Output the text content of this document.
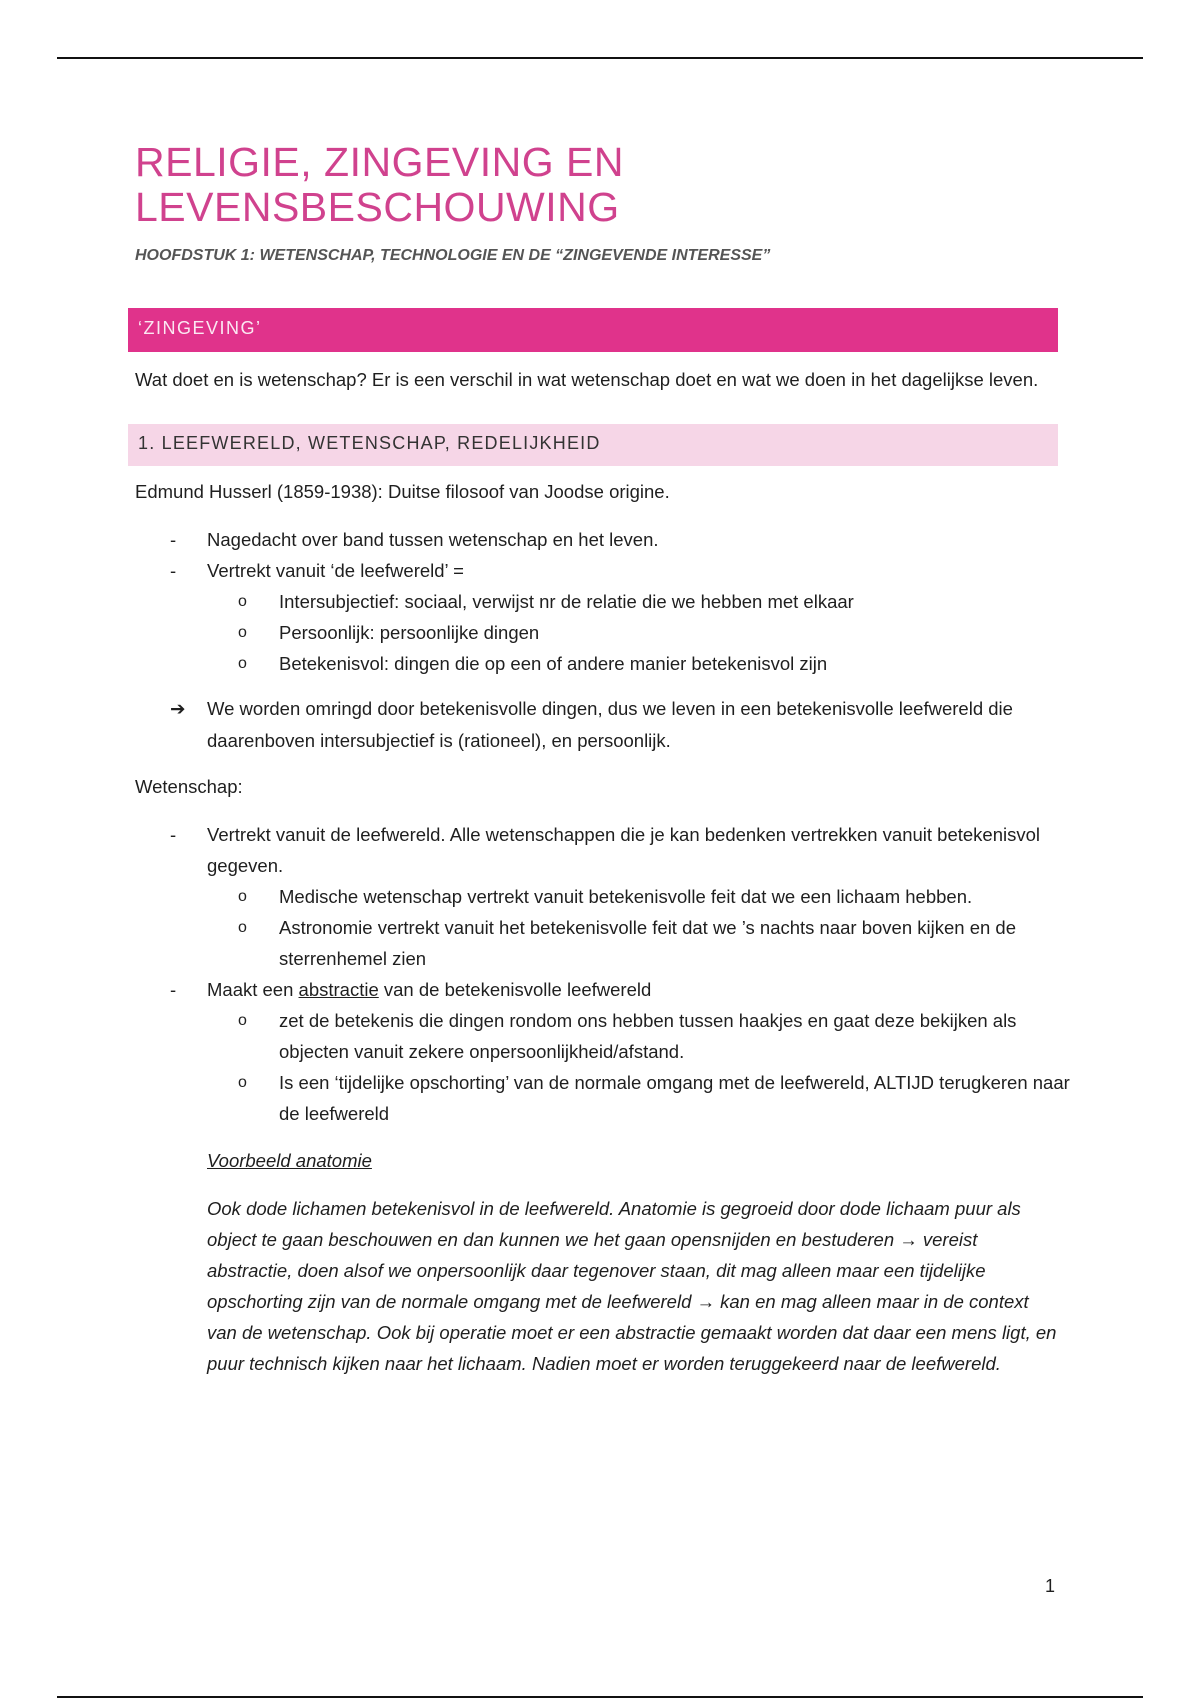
RELIGIE, ZINGEVING EN LEVENSBESCHOUWING
HOOFDSTUK 1: WETENSCHAP, TECHNOLOGIE EN DE “ZINGEVENDE INTERESSE”
‘ZINGEVING’

Wat doet en is wetenschap? Er is een verschil in wat wetenschap doet en wat we doen in het dagelijkse leven.

1. LEEFWERELD, WETENSCHAP, REDELIJKHEID

Edmund Husserl (1859-1938): Duitse filosoof van Joodse origine.

- Nagedacht over band tussen wetenschap en het leven.
- Vertrekt vanuit ‘de leefwereld’ =
o Intersubjectief: sociaal, verwijst nr de relatie die we hebben met elkaar
o Persoonlijk: persoonlijke dingen
o Betekenisvol: dingen die op een of andere manier betekenisvol zijn
➔ We worden omringd door betekenisvolle dingen, dus we leven in een betekenisvolle leefwereld die daarenboven intersubjectief is (rationeel), en persoonlijk.

Wetenschap:

- Vertrekt vanuit de leefwereld. Alle wetenschappen die je kan bedenken vertrekken vanuit betekenisvol gegeven.
o Medische wetenschap vertrekt vanuit betekenisvolle feit dat we een lichaam hebben.
o Astronomie vertrekt vanuit het betekenisvolle feit dat we ’s nachts naar boven kijken en de sterrenhemel zien
- Maakt een abstractie van de betekenisvolle leefwereld
o zet de betekenis die dingen rondom ons hebben tussen haakjes en gaat deze bekijken als objecten vanuit zekere onpersoonlijkheid/afstand.
o Is een ‘tijdelijke opschorting’ van de normale omgang met de leefwereld, ALTIJD terugkeren naar de leefwereld
Voorbeeld anatomie

Ook dode lichamen betekenisvol in de leefwereld. Anatomie is gegroeid door dode lichaam puur als object te gaan beschouwen en dan kunnen we het gaan opensnijden en bestuderen → vereist abstractie, doen alsof we onpersoonlijk daar tegenover staan, dit mag alleen maar een tijdelijke opschorting zijn van de normale omgang met de leefwereld → kan en mag alleen maar in de context van de wetenschap. Ook bij operatie moet er een abstractie gemaakt worden dat daar een mens ligt, en puur technisch kijken naar het lichaam. Nadien moet er worden teruggekeerd naar de leefwereld.

1
